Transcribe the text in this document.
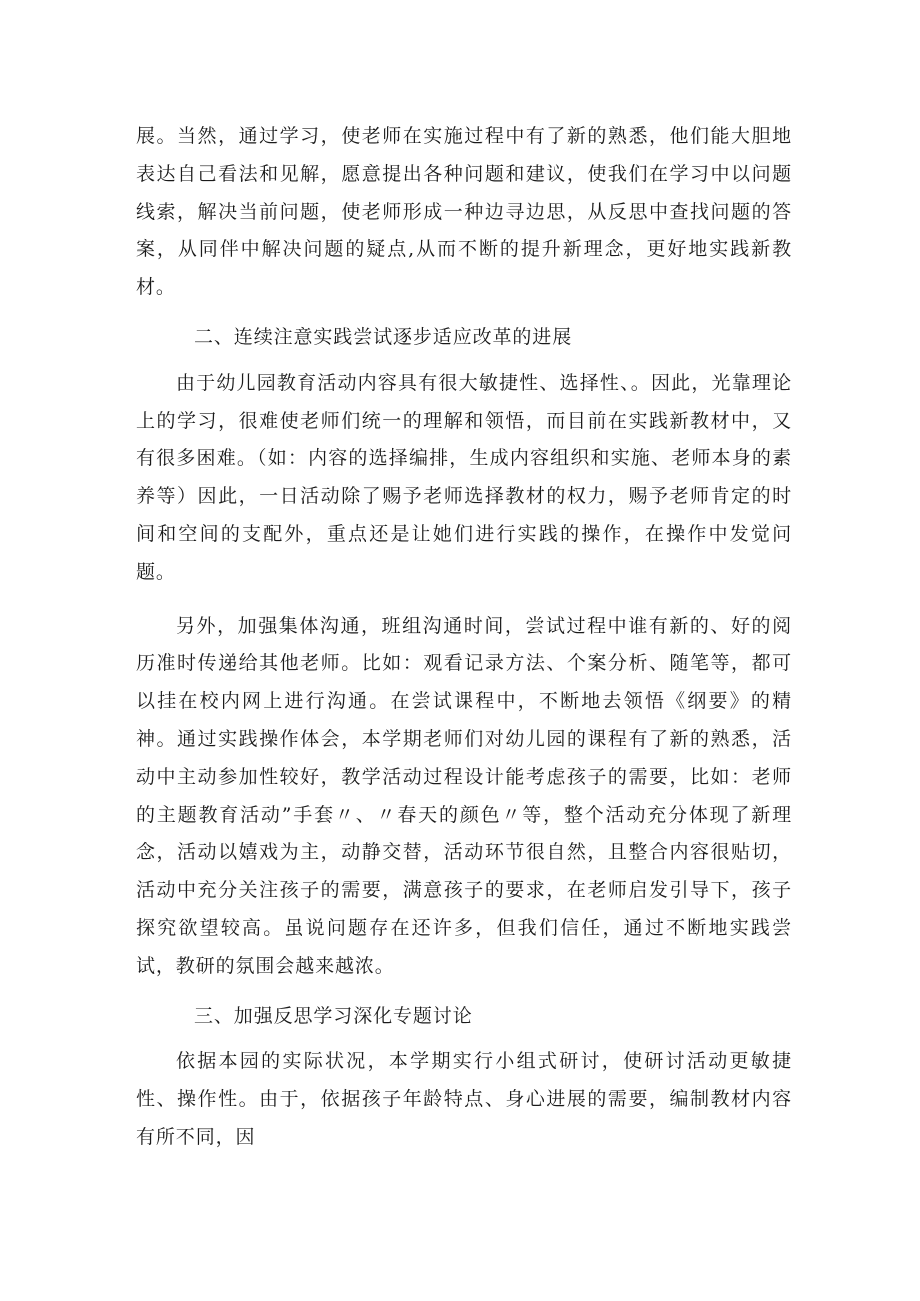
展。当然，通过学习，使老师在实施过程中有了新的熟悉，他们能大胆地表达自己看法和见解，愿意提出各种问题和建议，使我们在学习中以问题线索，解决当前问题，使老师形成一种边寻边思，从反思中查找问题的答案，从同伴中解决问题的疑点,从而不断的提升新理念，更好地实践新教材。

二、连续注意实践尝试逐步适应改革的进展

由于幼儿园教育活动内容具有很大敏捷性、选择性、。因此，光靠理论上的学习，很难使老师们统一的理解和领悟，而目前在实践新教材中，又有很多困难。（如：内容的选择编排，生成内容组织和实施、老师本身的素养等）因此，一日活动除了赐予老师选择教材的权力，赐予老师肯定的时间和空间的支配外，重点还是让她们进行实践的操作，在操作中发觉问题。

另外，加强集体沟通，班组沟通时间，尝试过程中谁有新的、好的阅历准时传递给其他老师。比如：观看记录方法、个案分析、随笔等，都可以挂在校内网上进行沟通。在尝试课程中，不断地去领悟《纲要》的精神。通过实践操作体会，本学期老师们对幼儿园的课程有了新的熟悉，活动中主动参加性较好，教学活动过程设计能考虑孩子的需要，比如：老师的主题教育活动”手套〃、〃春天的颜色〃等，整个活动充分体现了新理念，活动以嬉戏为主，动静交替，活动环节很自然，且整合内容很贴切，活动中充分关注孩子的需要，满意孩子的要求，在老师启发引导下，孩子探究欲望较高。虽说问题存在还许多，但我们信任，通过不断地实践尝试，教研的氛围会越来越浓。

三、加强反思学习深化专题讨论

依据本园的实际状况，本学期实行小组式研讨，使研讨活动更敏捷性、操作性。由于，依据孩子年龄特点、身心进展的需要，编制教材内容有所不同，因
